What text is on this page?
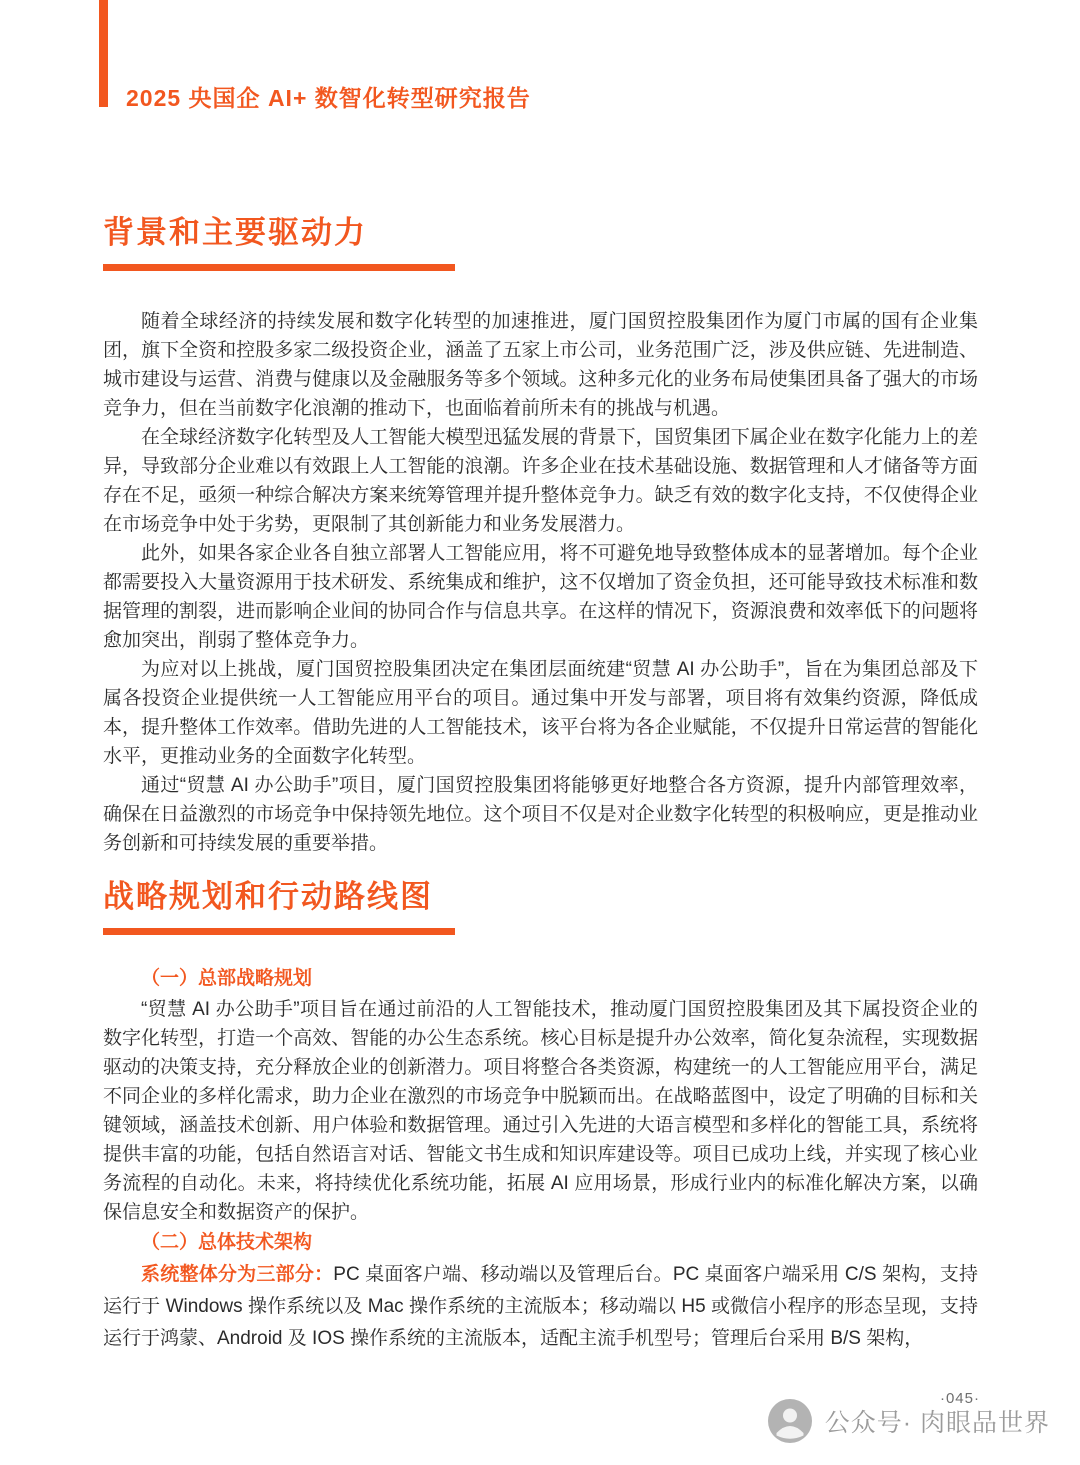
2025 央国企 AI+ 数智化转型研究报告
背景和主要驱动力

随着全球经济的持续发展和数字化转型的加速推进，厦门国贸控股集团作为厦门市属的国有企业集团，旗下全资和控股多家二级投资企业，涵盖了五家上市公司，业务范围广泛，涉及供应链、先进制造、城市建设与运营、消费与健康以及金融服务等多个领域。这种多元化的业务布局使集团具备了强大的市场竞争力，但在当前数字化浪潮的推动下，也面临着前所未有的挑战与机遇。

在全球经济数字化转型及人工智能大模型迅猛发展的背景下，国贸集团下属企业在数字化能力上的差异，导致部分企业难以有效跟上人工智能的浪潮。许多企业在技术基础设施、数据管理和人才储备等方面存在不足，亟须一种综合解决方案来统筹管理并提升整体竞争力。缺乏有效的数字化支持，不仅使得企业在市场竞争中处于劣势，更限制了其创新能力和业务发展潜力。

此外，如果各家企业各自独立部署人工智能应用，将不可避免地导致整体成本的显著增加。每个企业都需要投入大量资源用于技术研发、系统集成和维护，这不仅增加了资金负担，还可能导致技术标准和数据管理的割裂，进而影响企业间的协同合作与信息共享。在这样的情况下，资源浪费和效率低下的问题将愈加突出，削弱了整体竞争力。

为应对以上挑战，厦门国贸控股集团决定在集团层面统建“贸慧 AI 办公助手”，旨在为集团总部及下属各投资企业提供统一人工智能应用平台的项目。通过集中开发与部署，项目将有效集约资源，降低成本，提升整体工作效率。借助先进的人工智能技术，该平台将为各企业赋能，不仅提升日常运营的智能化水平，更推动业务的全面数字化转型。

通过“贸慧 AI 办公助手”项目，厦门国贸控股集团将能够更好地整合各方资源，提升内部管理效率，确保在日益激烈的市场竞争中保持领先地位。这个项目不仅是对企业数字化转型的积极响应，更是推动业务创新和可持续发展的重要举措。

战略规划和行动路线图

（一）总部战略规划

“贸慧 AI 办公助手”项目旨在通过前沿的人工智能技术，推动厦门国贸控股集团及其下属投资企业的数字化转型，打造一个高效、智能的办公生态系统。核心目标是提升办公效率，简化复杂流程，实现数据驱动的决策支持，充分释放企业的创新潜力。项目将整合各类资源，构建统一的人工智能应用平台，满足不同企业的多样化需求，助力企业在激烈的市场竞争中脱颖而出。在战略蓝图中，设定了明确的目标和关键领域，涵盖技术创新、用户体验和数据管理。通过引入先进的大语言模型和多样化的智能工具，系统将提供丰富的功能，包括自然语言对话、智能文书生成和知识库建设等。项目已成功上线，并实现了核心业务流程的自动化。未来，将持续优化系统功能，拓展 AI 应用场景，形成行业内的标准化解决方案，以确保信息安全和数据资产的保护。

（二）总体技术架构

系统整体分为三部分：PC 桌面客户端、移动端以及管理后台。PC 桌面客户端采用 C/S 架构，支持运行于 Windows 操作系统以及 Mac 操作系统的主流版本；移动端以 H5 或微信小程序的形态呈现，支持运行于鸿蒙、Android 及 IOS 操作系统的主流版本，适配主流手机型号；管理后台采用 B/S 架构，

·045·
公众号· 肉眼品世界
